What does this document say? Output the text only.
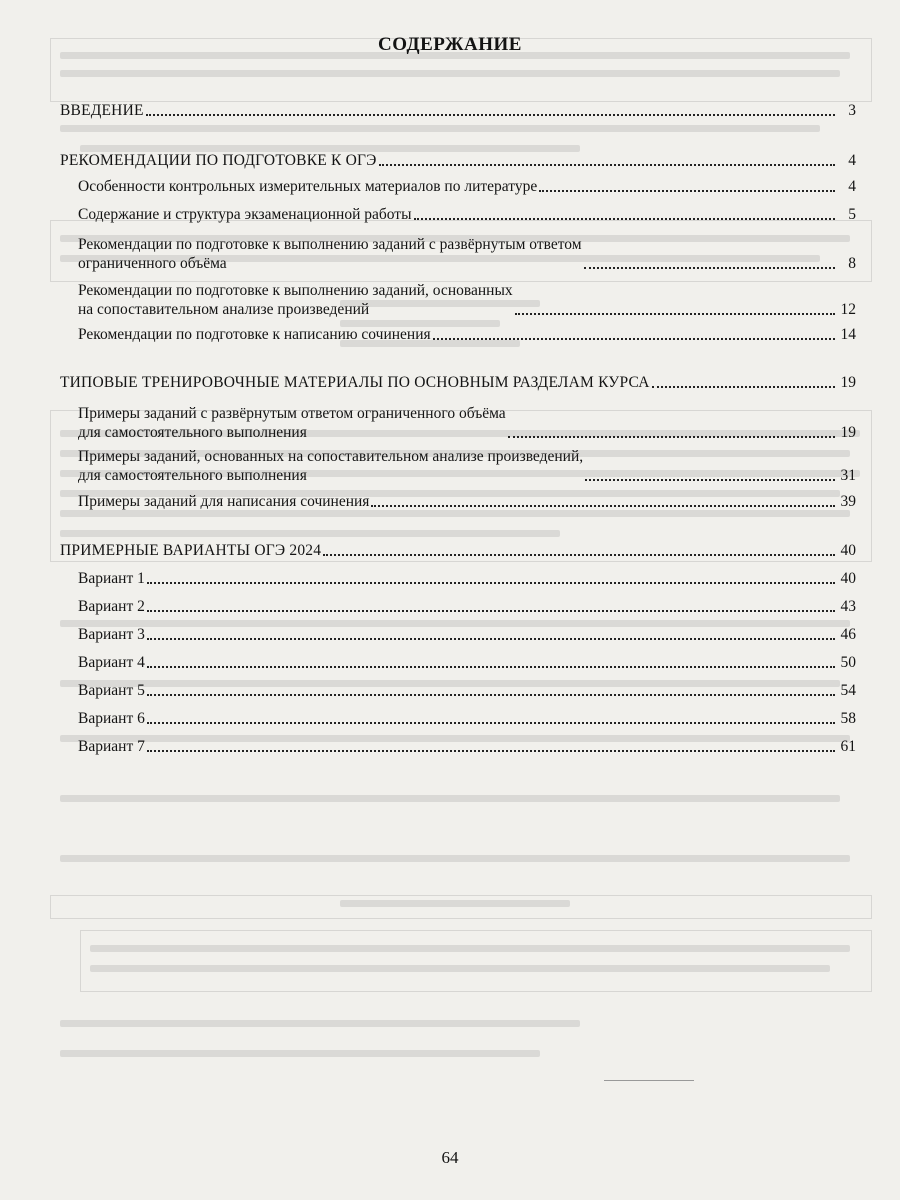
СОДЕРЖАНИЕ
ВВЕДЕНИЕ	3
РЕКОМЕНДАЦИИ ПО ПОДГОТОВКЕ К ОГЭ	4
Особенности контрольных измерительных материалов по литературе	4
Содержание и структура экзаменационной работы	5
Рекомендации по подготовке к выполнению заданий с развёрнутым ответом
ограниченного объёма	8
Рекомендации по подготовке к выполнению заданий, основанных
на сопоставительном анализе произведений	12
Рекомендации по подготовке к написанию сочинения	14
ТИПОВЫЕ ТРЕНИРОВОЧНЫЕ МАТЕРИАЛЫ ПО ОСНОВНЫМ РАЗДЕЛАМ КУРСА	19
Примеры заданий с развёрнутым ответом ограниченного объёма
для самостоятельного выполнения	19
Примеры заданий, основанных на сопоставительном анализе произведений,
для самостоятельного выполнения	31
Примеры заданий для написания сочинения	39
ПРИМЕРНЫЕ ВАРИАНТЫ ОГЭ 2024	40
Вариант 1	40
Вариант 2	43
Вариант 3	46
Вариант 4	50
Вариант 5	54
Вариант 6	58
Вариант 7	61
64
